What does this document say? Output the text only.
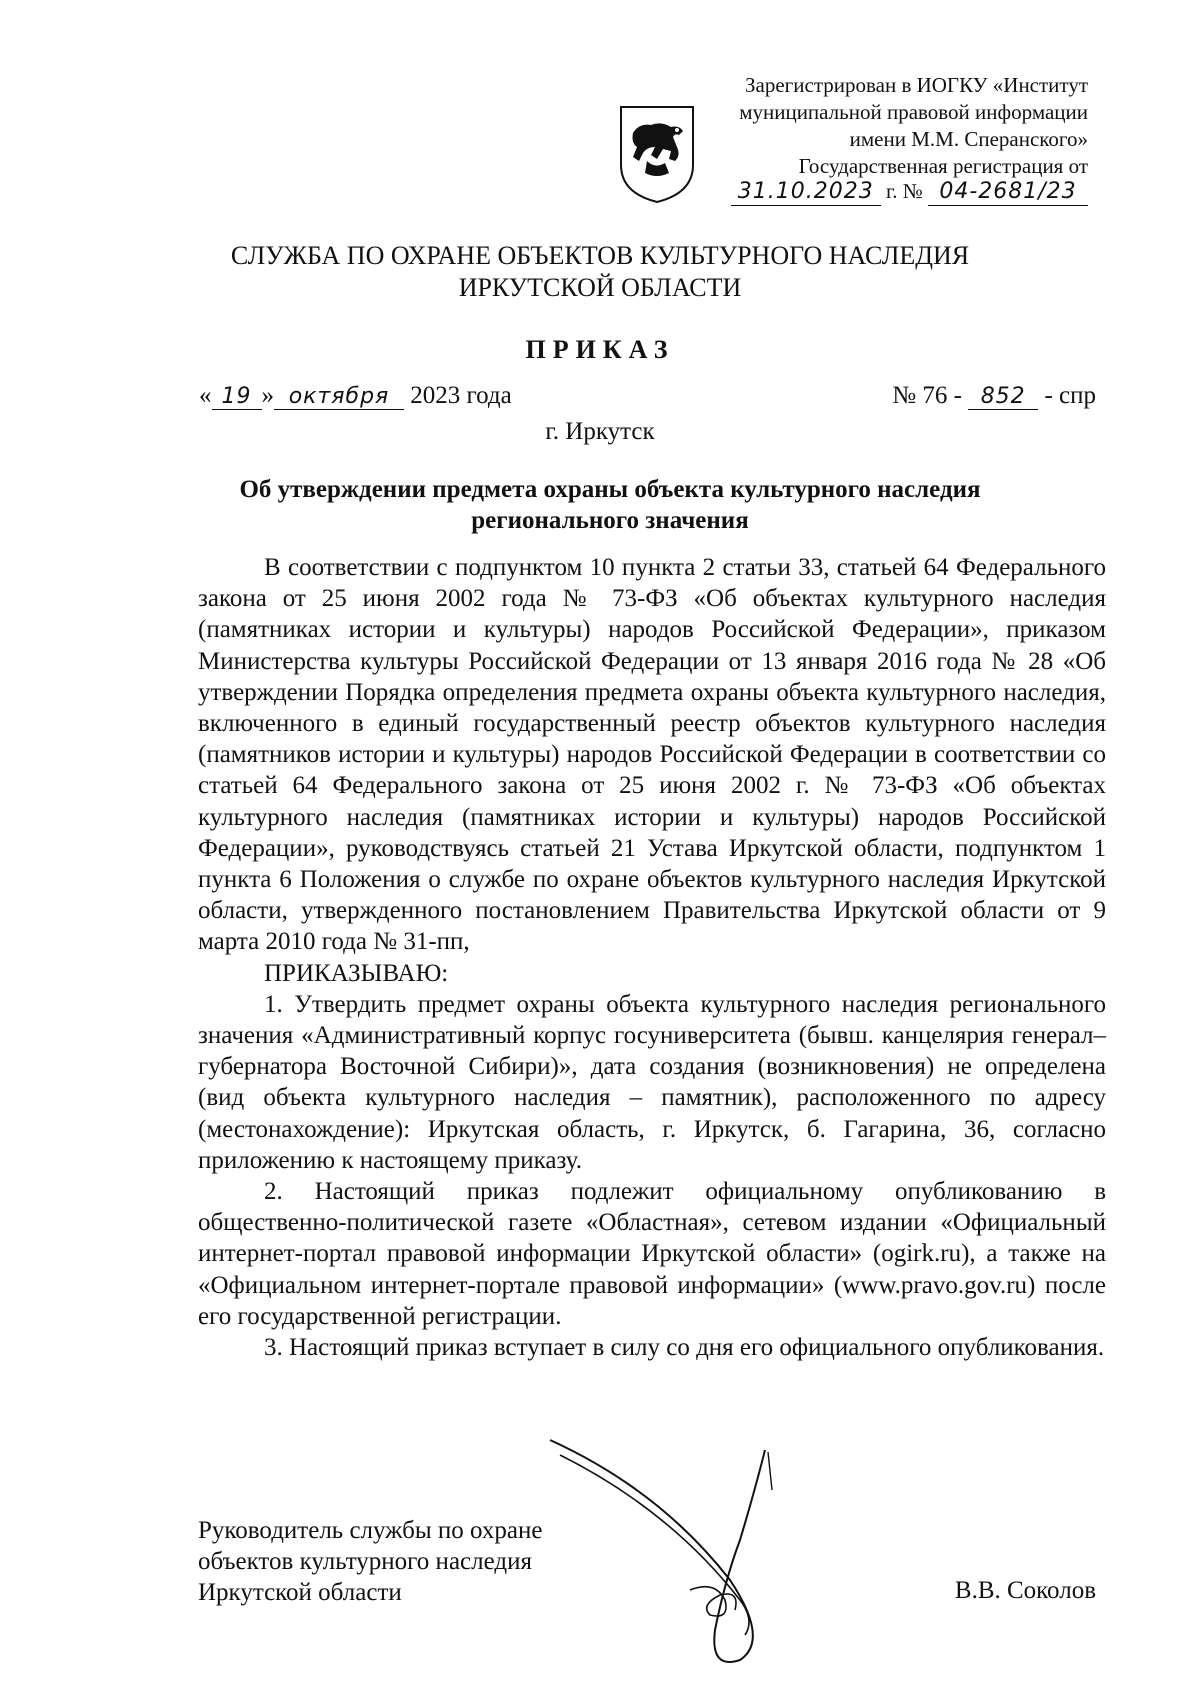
Зарегистрирован в ИОГКУ «Институт
муниципальной правовой информации
имени М.М. Сперанского»
Государственная регистрация от
31.10.2023 г. № 04-2681/23
СЛУЖБА ПО ОХРАНЕ ОБЪЕКТОВ КУЛЬТУРНОГО НАСЛЕДИЯ
ИРКУТСКОЙ ОБЛАСТИ
ПРИКАЗ
« 19 » октября 2023 года	№ 76 - 852 - спр
г. Иркутск
Об утверждении предмета охраны объекта культурного наследия
регионального значения

В соответствии с подпунктом 10 пункта 2 статьи 33, статьей 64 Федерального закона от 25 июня 2002 года № 73-ФЗ «Об объектах культурного наследия (памятниках истории и культуры) народов Российской Федерации», приказом Министерства культуры Российской Федерации от 13 января 2016 года № 28 «Об утверждении Порядка определения предмета охраны объекта культурного наследия, включенного в единый государственный реестр объектов культурного наследия (памятников истории и культуры) народов Российской Федерации в соответствии со статьей 64 Федерального закона от 25 июня 2002 г. № 73-ФЗ «Об объектах культурного наследия (памятниках истории и культуры) народов Российской Федерации», руководствуясь статьей 21 Устава Иркутской области, подпунктом 1 пункта 6 Положения о службе по охране объектов культурного наследия Иркутской области, утвержденного постановлением Правительства Иркутской области от 9 марта 2010 года № 31-пп,

ПРИКАЗЫВАЮ:

1. Утвердить предмет охраны объекта культурного наследия регионального значения «Административный корпус госуниверситета (бывш. канцелярия генерал–губернатора Восточной Сибири)», дата создания (возникновения) не определена (вид объекта культурного наследия – памятник), расположенного по адресу (местонахождение): Иркутская область, г. Иркутск, б. Гагарина, 36, согласно приложению к настоящему приказу.

2. Настоящий приказ подлежит официальному опубликованию в общественно-политической газете «Областная», сетевом издании «Официальный интернет-портал правовой информации Иркутской области» (ogirk.ru), а также на «Официальном интернет-портале правовой информации» (www.pravo.gov.ru) после его государственной регистрации.

3. Настоящий приказ вступает в силу со дня его официального опубликования.

Руководитель службы по охране
объектов культурного наследия
Иркутской области	В.В. Соколов
